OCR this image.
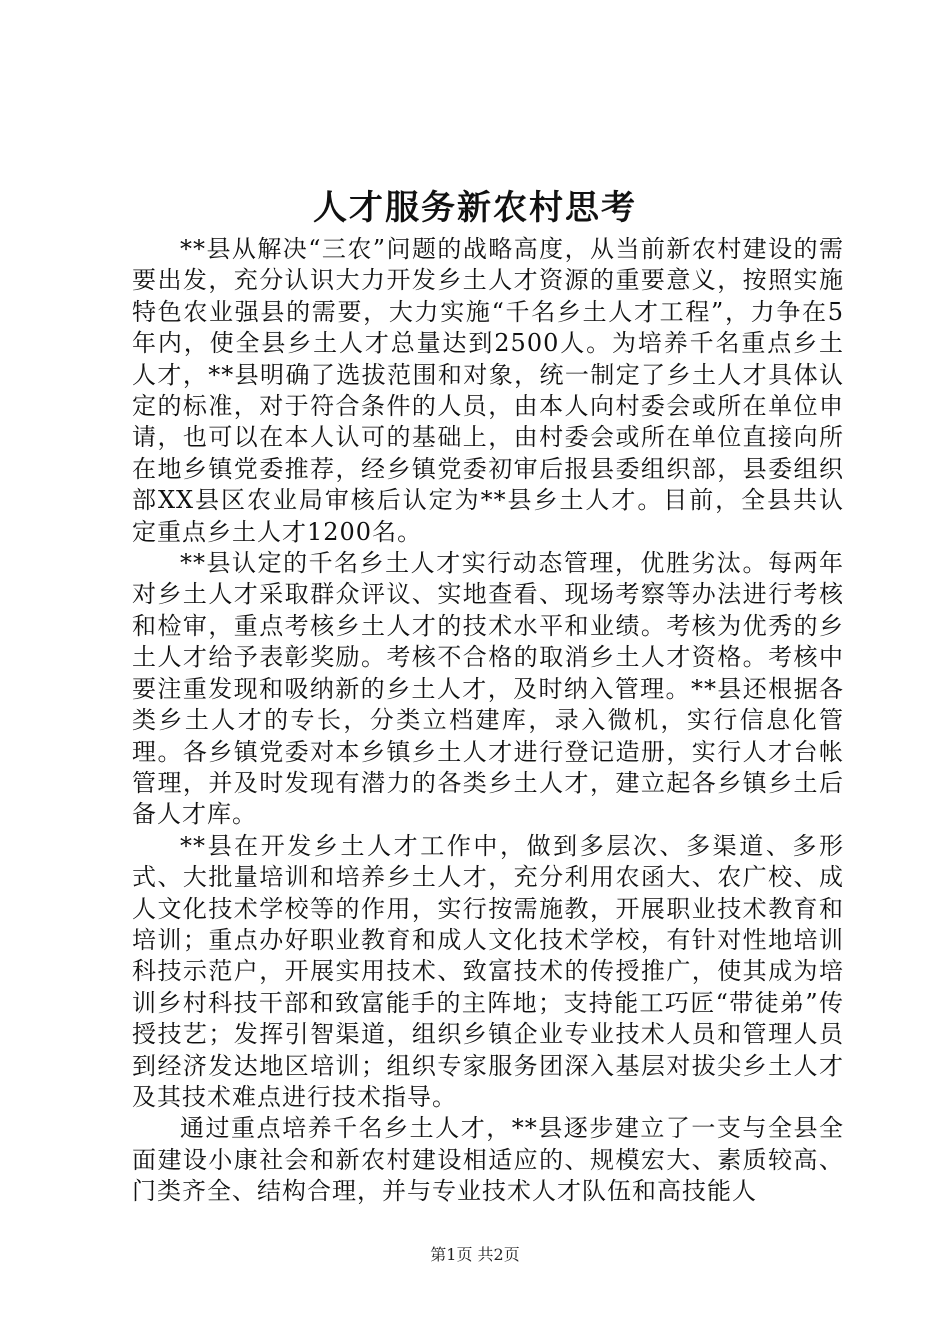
人才服务新农村思考

**县从解决“三农”问题的战略高度，从当前新农村建设的需要出发，充分认识大力开发乡土人才资源的重要意义，按照实施特色农业强县的需要，大力实施“千名乡土人才工程”，力争在5年内，使全县乡土人才总量达到2500人。为培养千名重点乡土人才，**县明确了选拔范围和对象，统一制定了乡土人才具体认定的标准，对于符合条件的人员，由本人向村委会或所在单位申请，也可以在本人认可的基础上，由村委会或所在单位直接向所在地乡镇党委推荐，经乡镇党委初审后报县委组织部，县委组织部XX县区农业局审核后认定为**县乡土人才。目前，全县共认定重点乡土人才1200名。

**县认定的千名乡土人才实行动态管理，优胜劣汰。每两年对乡土人才采取群众评议、实地查看、现场考察等办法进行考核和检审，重点考核乡土人才的技术水平和业绩。考核为优秀的乡土人才给予表彰奖励。考核不合格的取消乡土人才资格。考核中要注重发现和吸纳新的乡土人才，及时纳入管理。**县还根据各类乡土人才的专长，分类立档建库，录入微机，实行信息化管理。各乡镇党委对本乡镇乡土人才进行登记造册，实行人才台帐管理，并及时发现有潜力的各类乡土人才，建立起各乡镇乡土后备人才库。

**县在开发乡土人才工作中，做到多层次、多渠道、多形式、大批量培训和培养乡土人才，充分利用农函大、农广校、成人文化技术学校等的作用，实行按需施教，开展职业技术教育和培训；重点办好职业教育和成人文化技术学校，有针对性地培训科技示范户，开展实用技术、致富技术的传授推广，使其成为培训乡村科技干部和致富能手的主阵地；支持能工巧匠“带徒弟”传授技艺；发挥引智渠道，组织乡镇企业专业技术人员和管理人员到经济发达地区培训；组织专家服务团深入基层对拔尖乡土人才及其技术难点进行技术指导。

通过重点培养千名乡土人才，**县逐步建立了一支与全县全面建设小康社会和新农村建设相适应的、规模宏大、素质较高、门类齐全、结构合理，并与专业技术人才队伍和高技能人

第1页 共2页
